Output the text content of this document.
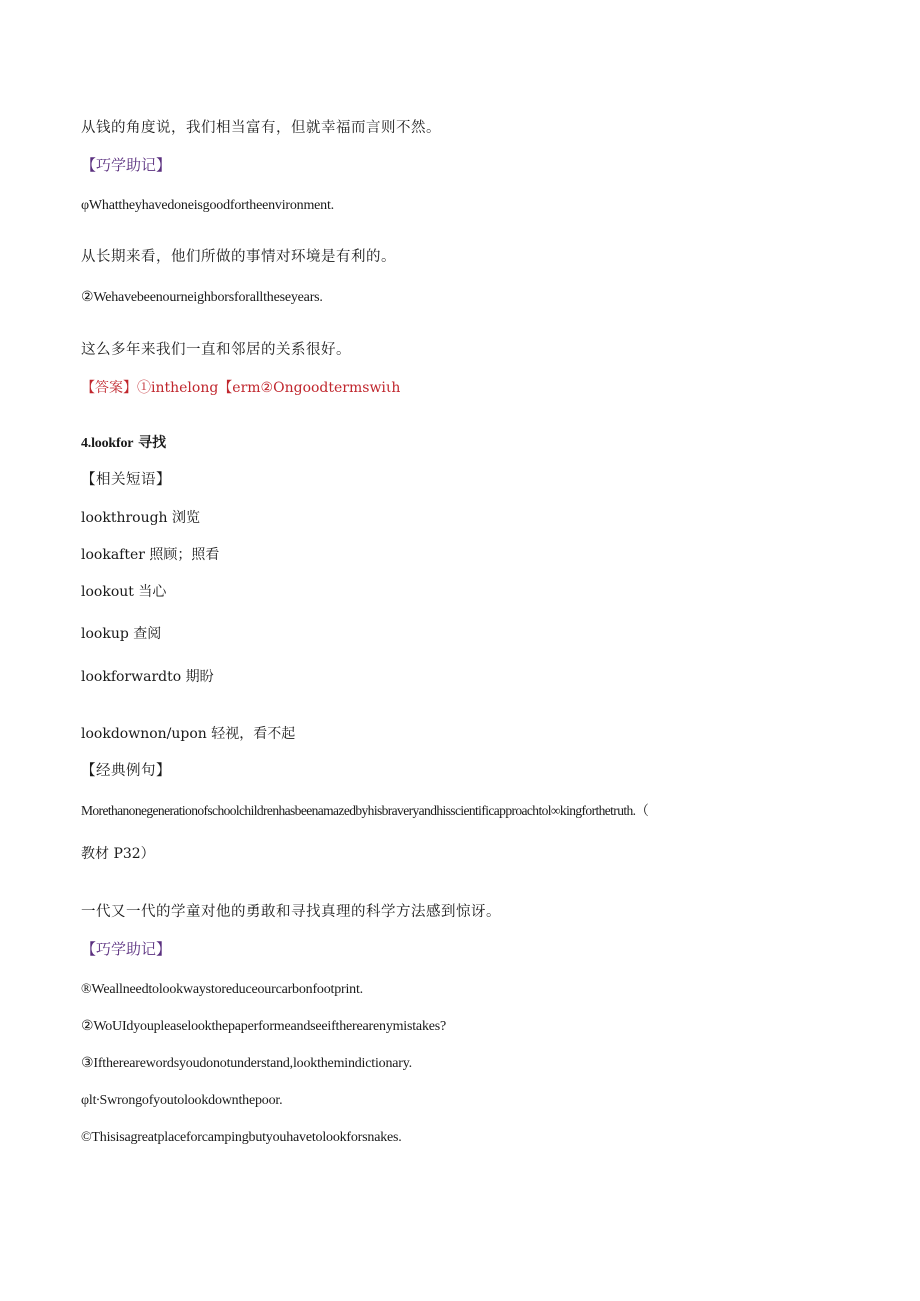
从钱的角度说，我们相当富有，但就幸福而言则不然。
【巧学助记】
φWhattheyhavedoneisgoodfortheenvironment.
从长期来看，他们所做的事情对环境是有利的。
②Wehavebeenourneighborsforalltheseyears.
这么多年来我们一直和邻居的关系很好。
【答案】①inthelong【erm②Ongoodtermswiιh
4.lookfor 寻找
【相关短语】
lookthrough 浏览
lookafter 照顾；照看
lookout 当心
lookup 查阅
lookforwardto 期盼
lookdownon/upon 轻视，看不起
【经典例句】
Morethanonegenerationofschoolchildrenhasbeenamazedbyhisbraveryandhisscientificapproachtol∞kingforthetruth.（
教材 P32）
一代又一代的学童对他的勇敢和寻找真理的科学方法感到惊讶。
【巧学助记】
®Weallneedtolookwaystoreduceourcarbonfootprint.
②WoUIdyoupleaselookthepaperformeandseeiftherearenymistakes?
③Iftherearewordsyoudonotunderstand,lookthemindictionary.
φlt∙Swrongofyoutolookdownthepoor.
©Thisisagreatplaceforcampingbutyouhavetolookforsnakes.
